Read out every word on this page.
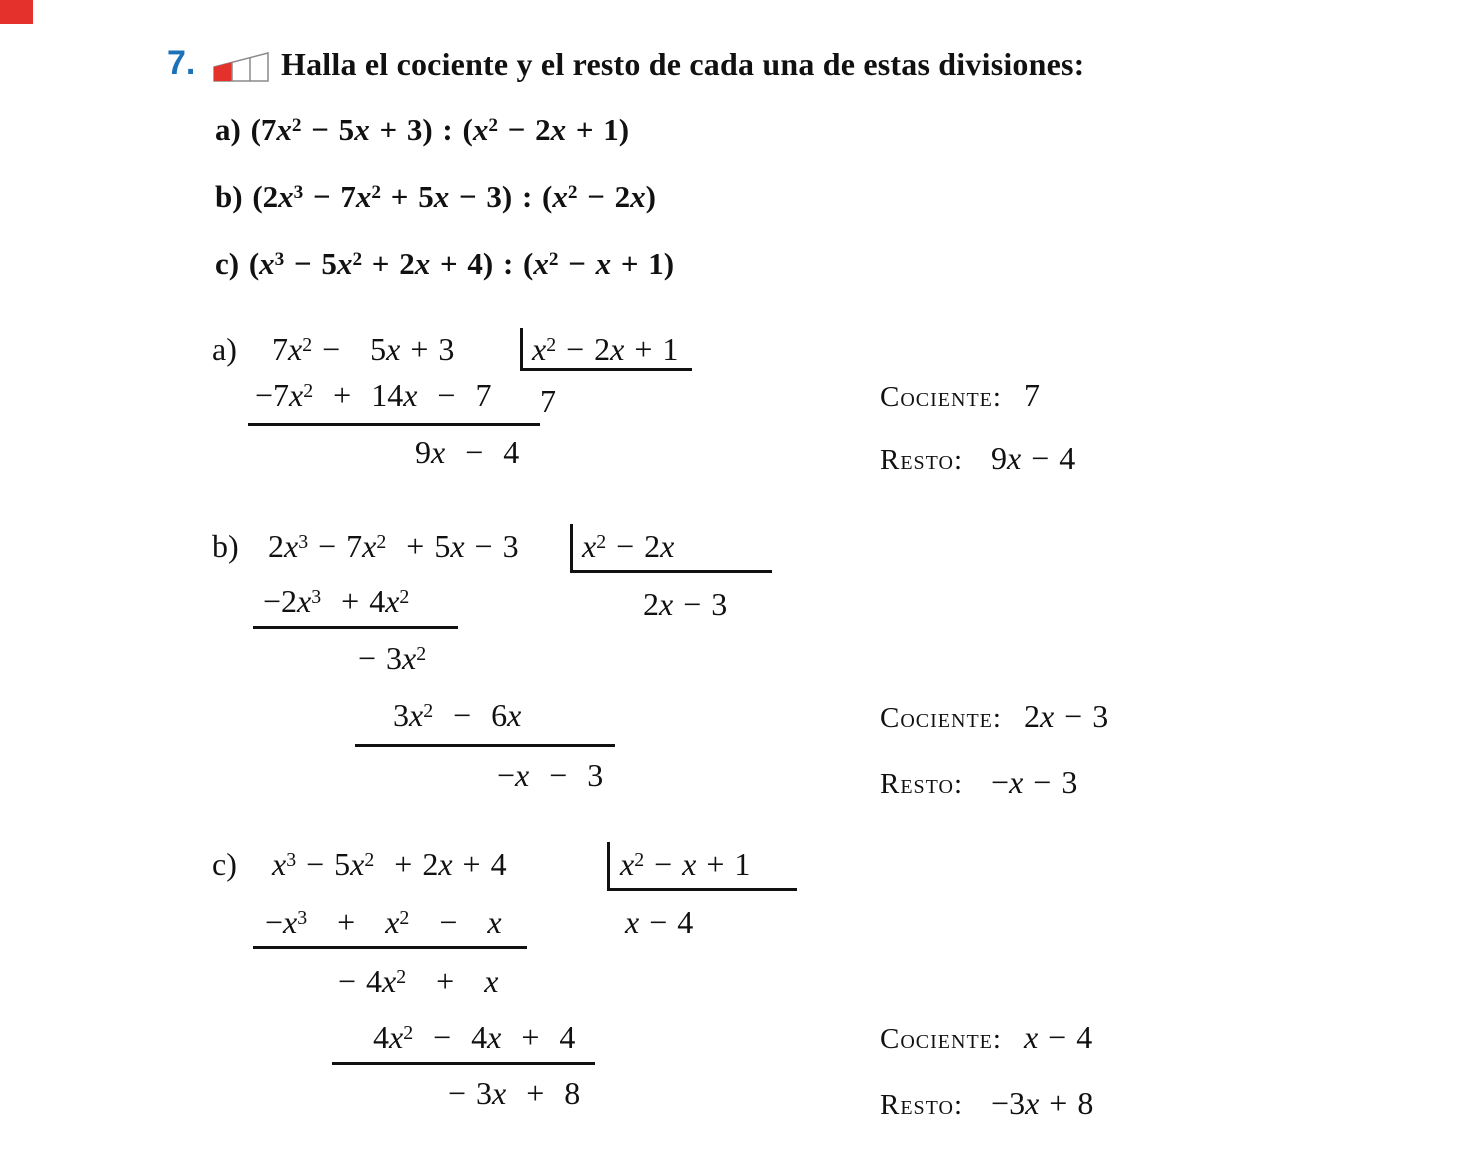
7.	Halla el cociente y el resto de cada una de estas divisiones:
a) $(7x^2 - 5x + 3)$ : $(x^2 - 2x + 1)$
b) $(2x^3 - 7x^2 + 5x - 3)$ : $(x^2 - 2x)$
c) $(x^3 - 5x^2 + 2x + 4)$ : $(x^2 - x + 1)$
a) $7x^2 - 5x + 3$ $x^2 - 2x + 1$
7
$-7x^2 + 14x - 7$
9x  −  4
Cociente: 7
Resto: 9x − 4
b) $2x^3 - 7x^2 + 5x - 3$ $x^2 - 2x$
2x − 3
$-2x^3 + 4x^2$
− $3x^2$
$3x^2 - 6x$
−x  −  3
Cociente: 2x − 3
Resto: −x − 3
c) $x^3 - 5x^2 + 2x + 4$	$x^2 - x + 1$
x − 4
$-x^3 + x^2 - x$
− $4x^2 + x$
$4x^2 - 4x + 4$
− 3x  +  8
Cociente: x − 4
Resto: −3x + 8
